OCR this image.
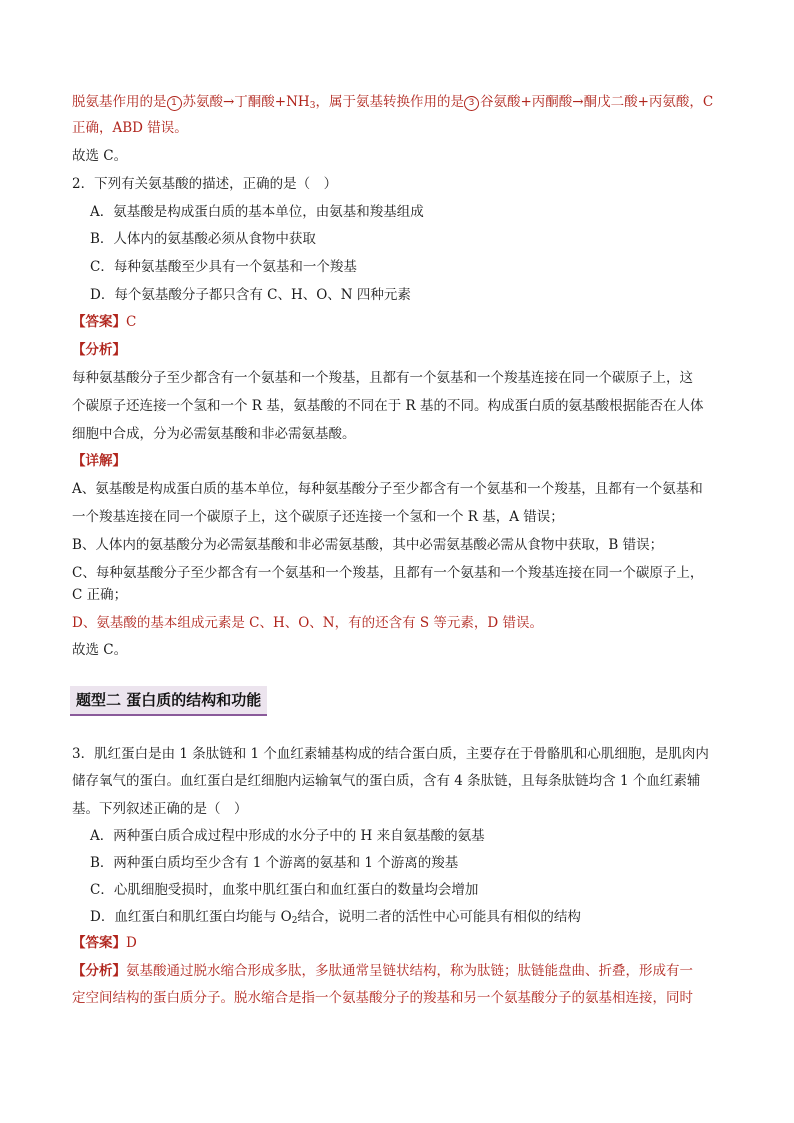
脱氨基作用的是 1 苏氨酸→丁酮酸$+NH_3$，属于氨基转换作用的是 3 谷氨酸+丙酮酸→酮戊二酸+丙氨酸，C
正确，ABD 错误。
故选 C。
2．下列有关氨基酸的描述，正确的是（　）
A．氨基酸是构成蛋白质的基本单位，由氨基和羧基组成
B．人体内的氨基酸必须从食物中获取
C．每种氨基酸至少具有一个氨基和一个羧基
D．每个氨基酸分子都只含有 C、H、O、N 四种元素
【答案】C
【分析】
每种氨基酸分子至少都含有一个氨基和一个羧基，且都有一个氨基和一个羧基连接在同一个碳原子上，这
个碳原子还连接一个氢和一个 R 基，氨基酸的不同在于 R 基的不同。构成蛋白质的氨基酸根据能否在人体
细胞中合成，分为必需氨基酸和非必需氨基酸。
【详解】
A、氨基酸是构成蛋白质的基本单位，每种氨基酸分子至少都含有一个氨基和一个羧基，且都有一个氨基和
一个羧基连接在同一个碳原子上，这个碳原子还连接一个氢和一个 R 基，A 错误；
B、人体内的氨基酸分为必需氨基酸和非必需氨基酸，其中必需氨基酸必需从食物中获取，B 错误；
C、每种氨基酸分子至少都含有一个氨基和一个羧基，且都有一个氨基和一个羧基连接在同一个碳原子上，
C 正确；
D、氨基酸的基本组成元素是 C、H、O、N，有的还含有 S 等元素，D 错误。
故选 C。
题型二 蛋白质的结构和功能
3．肌红蛋白是由 1 条肽链和 1 个血红素辅基构成的结合蛋白质，主要存在于骨骼肌和心肌细胞，是肌肉内
储存氧气的蛋白。血红蛋白是红细胞内运输氧气的蛋白质，含有 4 条肽链，且每条肽链均含 1 个血红素辅
基。下列叙述正确的是（　）
A．两种蛋白质合成过程中形成的水分子中的 H 来自氨基酸的氨基
B．两种蛋白质均至少含有 1 个游离的氨基和 1 个游离的羧基
C．心肌细胞受损时，血浆中肌红蛋白和血红蛋白的数量均会增加
D．血红蛋白和肌红蛋白均能与 $O_2$结合，说明二者的活性中心可能具有相似的结构
【答案】D
【分析】氨基酸通过脱水缩合形成多肽，多肽通常呈链状结构，称为肽链；肽链能盘曲、折叠，形成有一
定空间结构的蛋白质分子。脱水缩合是指一个氨基酸分子的羧基和另一个氨基酸分子的氨基相连接，同时
